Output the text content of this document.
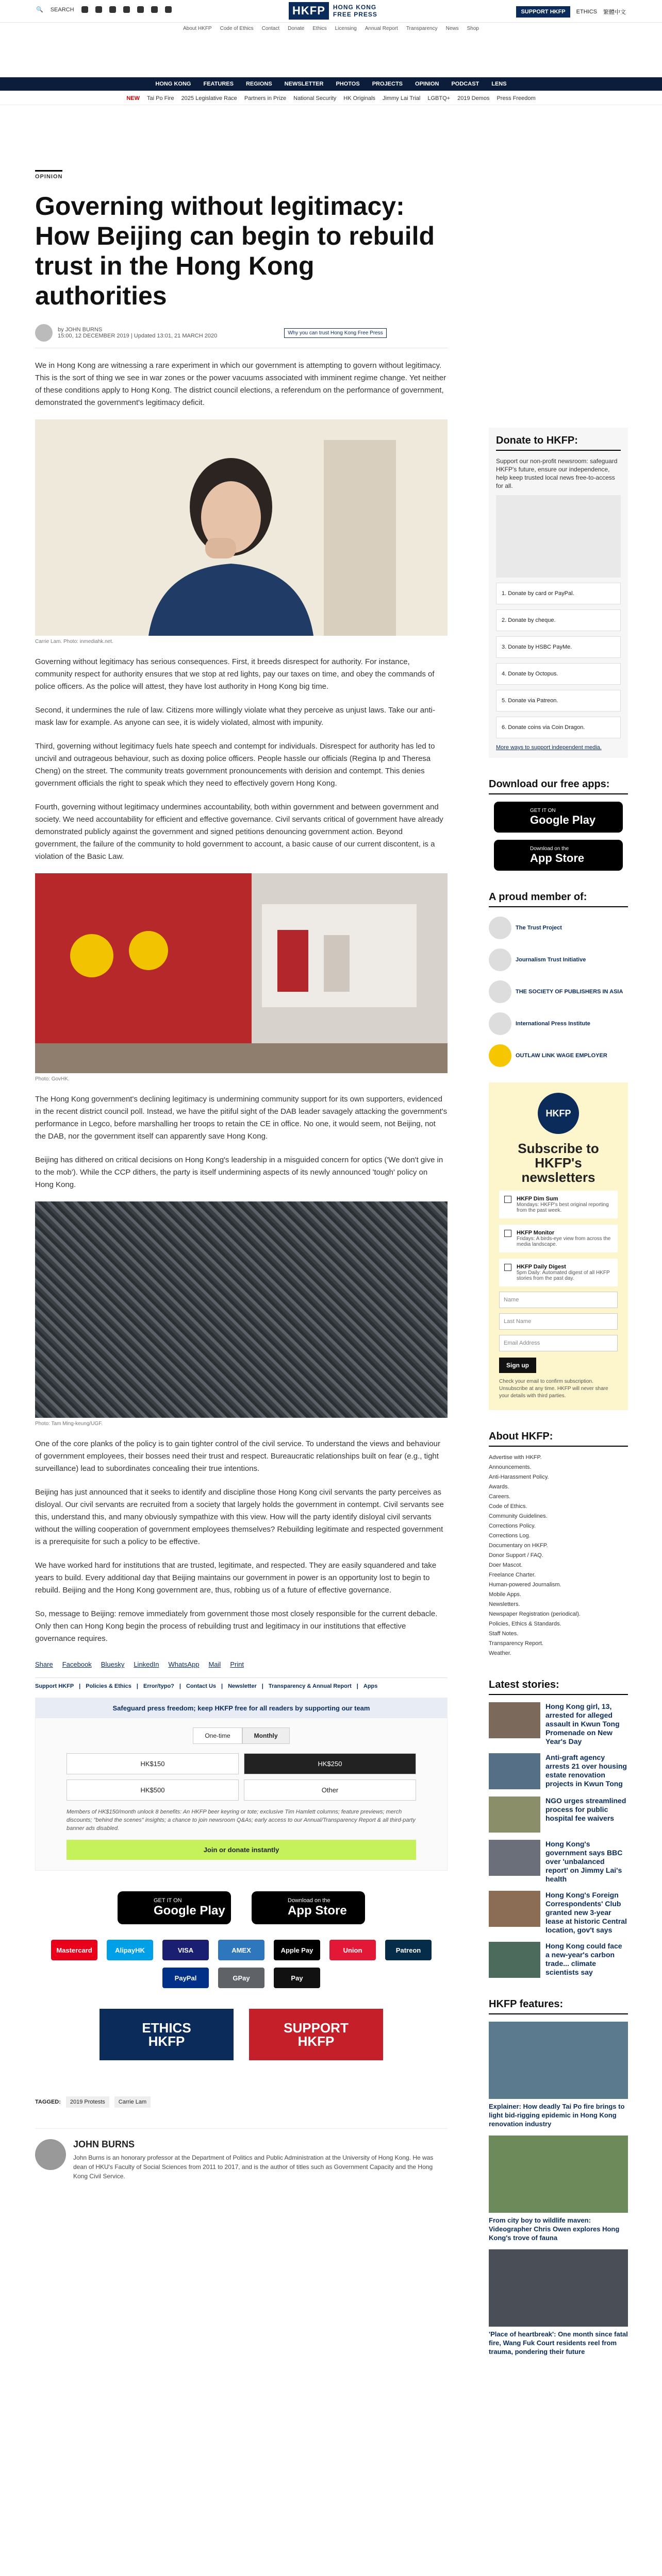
🔍 SEARCH	HKFP	HONG KONG
FREE PRESS	SUPPORT HKFP	ETHICS 繁體中文
About HKFP Code of Ethics Contact Donate Ethics Licensing Annual Report Transparency News Shop
HONG KONG FEATURES REGIONS NEWSLETTER PHOTOS PROJECTS OPINION PODCAST LENS
NEW Tai Po Fire 2025 Legislative Race Partners in Prize National Security HK Originals Jimmy Lai Trial LGBTQ+ 2019 Demos Press Freedom
OPINION
Governing without legitimacy: How Beijing can begin to rebuild trust in the Hong Kong authorities
by JOHN BURNS
15:00, 12 DECEMBER 2019 | Updated 13:01, 21 MARCH 2020	Why you can trust Hong Kong Free Press

We in Hong Kong are witnessing a rare experiment in which our government is attempting to govern without legitimacy. This is the sort of thing we see in war zones or the power vacuums associated with imminent regime change. Yet neither of these conditions apply to Hong Kong. The district council elections, a referendum on the performance of government, demonstrated the government's legitimacy deficit.

Carrie Lam. Photo: inmediahk.net.

Governing without legitimacy has serious consequences. First, it breeds disrespect for authority. For instance, community respect for authority ensures that we stop at red lights, pay our taxes on time, and obey the commands of police officers. As the police will attest, they have lost authority in Hong Kong big time.

Second, it undermines the rule of law. Citizens more willingly violate what they perceive as unjust laws. Take our anti-mask law for example. As anyone can see, it is widely violated, almost with impunity.

Third, governing without legitimacy fuels hate speech and contempt for individuals. Disrespect for authority has led to uncivil and outrageous behaviour, such as doxing police officers. People hassle our officials (Regina Ip and Theresa Cheng) on the street. The community treats government pronouncements with derision and contempt. This denies government officials the right to speak which they need to effectively govern Hong Kong.

Fourth, governing without legitimacy undermines accountability, both within government and between government and society. We need accountability for efficient and effective governance. Civil servants critical of government have already demonstrated publicly against the government and signed petitions denouncing government action. Beyond government, the failure of the community to hold government to account, a basic cause of our current discontent, is a violation of the Basic Law.

Photo: GovHK.

The Hong Kong government's declining legitimacy is undermining community support for its own supporters, evidenced in the recent district council poll. Instead, we have the pitiful sight of the DAB leader savagely attacking the government's performance in Legco, before marshalling her troops to retain the CE in office. No one, it would seem, not Beijing, not the DAB, nor the government itself can apparently save Hong Kong.

Beijing has dithered on critical decisions on Hong Kong's leadership in a misguided concern for optics ('We don't give in to the mob'). While the CCP dithers, the party is itself undermining aspects of its newly announced 'tough' policy on Hong Kong.

Photo: Tam Ming-keung/UGF.

One of the core planks of the policy is to gain tighter control of the civil service. To understand the views and behaviour of government employees, their bosses need their trust and respect. Bureaucratic relationships built on fear (e.g., tight surveillance) lead to subordinates concealing their true intentions.

Beijing has just announced that it seeks to identify and discipline those Hong Kong civil servants the party perceives as disloyal. Our civil servants are recruited from a society that largely holds the government in contempt. Civil servants see this, understand this, and many obviously sympathize with this view. How will the party identify disloyal civil servants without the willing cooperation of government employees themselves? Rebuilding legitimate and respected government is a prerequisite for such a policy to be effective.

We have worked hard for institutions that are trusted, legitimate, and respected. They are easily squandered and take years to build. Every additional day that Beijing maintains our government in power is an opportunity lost to begin to rebuild. Beijing and the Hong Kong government are, thus, robbing us of a future of effective governance.

So, message to Beijing: remove immediately from government those most closely responsible for the current debacle. Only then can Hong Kong begin the process of rebuilding trust and legitimacy in our institutions that effective governance requires.

Share Facebook Bluesky LinkedIn WhatsApp Mail Print
Support HKFP | Policies & Ethics | Error/typo? | Contact Us | Newsletter | Transparency & Annual Report | Apps
Safeguard press freedom; keep HKFP free for all readers by supporting our team
One-time	Monthly
HK$150	HK$250
HK$500	Other
Members of HK$150/month unlock 8 benefits: An HKFP beer keyring or tote; exclusive Tim Hamlett columns; feature previews; merch discounts; "behind the scenes" insights; a chance to join newsroom Q&As; early access to our Annual/Transparency Report & all third-party banner ads disabled.
Join or donate instantly
GET IT ON
Google Play
Download on the
App Store
Mastercard	AlipayHK	VISA	AMEX	Apple Pay	Union	Patreon
PayPal	GPay	Pay
ETHICS
HKFP
SUPPORT
HKFP
TAGGED:	2019 Protests	Carrie Lam
JOHN BURNS

John Burns is an honorary professor at the Department of Politics and Public Administration at the University of Hong Kong. He was dean of HKU's Faculty of Social Sciences from 2011 to 2017, and is the author of titles such as Government Capacity and the Hong Kong Civil Service.

Donate to HKFP:

Support our non-profit newsroom: safeguard HKFP's future, ensure our independence, help keep trusted local news free-to-access for all.

1. Donate by card or PayPal.
2. Donate by cheque.
3. Donate by HSBC PayMe.
4. Donate by Octopus.
5. Donate via Patreon.
6. Donate coins via Coin Dragon.
More ways to support independent media.
Download our free apps:
GET IT ON
Google Play
Download on the
App Store
A proud member of:
The Trust Project
Journalism Trust Initiative
THE SOCIETY OF PUBLISHERS IN ASIA
International Press Institute
OUTLAW LINK WAGE EMPLOYER
HKFP
Subscribe to HKFP's newsletters
HKFP Dim Sum
Mondays: HKFP's best original reporting from the past week.
HKFP Monitor
Fridays: A birds-eye view from across the media landscape.
HKFP Daily Digest
5pm Daily: Automated digest of all HKFP stories from the past day.
Name
Last Name
Email Address
Sign up
Check your email to confirm subscription. Unsubscribe at any time. HKFP will never share your details with third parties.
About HKFP:
Advertise with HKFP.
Announcements.
Anti-Harassment Policy.
Awards.
Careers.
Code of Ethics.
Community Guidelines.
Corrections Policy.
Corrections Log.
Documentary on HKFP.
Donor Support / FAQ.
Doer Mascot.
Freelance Charter.
Human-powered Journalism.
Mobile Apps.
Newsletters.
Newspaper Registration (periodical).
Policies, Ethics & Standards.
Staff Notes.
Transparency Report.
Weather.
Latest stories:
Hong Kong girl, 13, arrested for alleged assault in Kwun Tong Promenade on New Year's Day
Anti-graft agency arrests 21 over housing estate renovation projects in Kwun Tong
NGO urges streamlined process for public hospital fee waivers
Hong Kong's government says BBC over 'unbalanced report' on Jimmy Lai's health
Hong Kong's Foreign Correspondents' Club granted new 3-year lease at historic Central location, gov't says
Hong Kong could face a new-year's carbon trade... climate scientists say
HKFP features:
Explainer: How deadly Tai Po fire brings to light bid-rigging epidemic in Hong Kong renovation industry
From city boy to wildlife maven: Videographer Chris Owen explores Hong Kong's trove of fauna
'Place of heartbreak': One month since fatal fire, Wang Fuk Court residents reel from trauma, pondering their future
